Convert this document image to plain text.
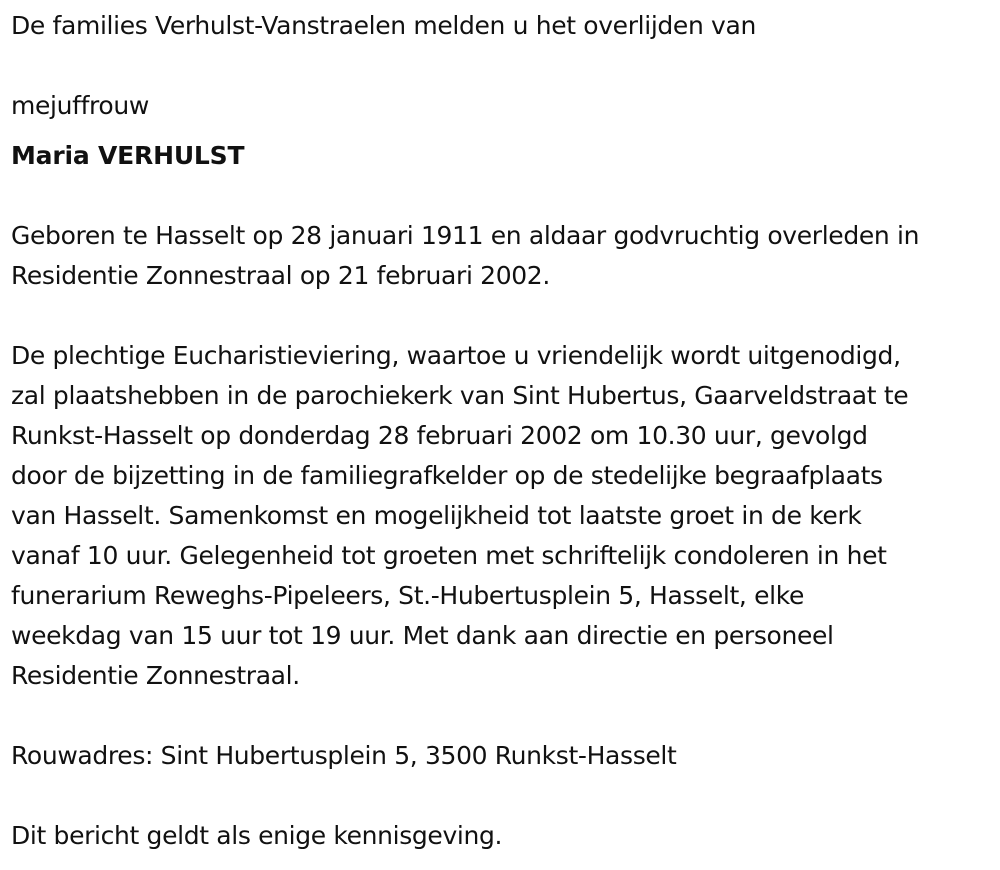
De families Verhulst-Vanstraelen melden u het overlijden van

mejuffrouw

Maria VERHULST

Geboren te Hasselt op 28 januari 1911 en aldaar godvruchtig overleden in

Residentie Zonnestraal op 21 februari 2002.

De plechtige Eucharistieviering, waartoe u vriendelijk wordt uitgenodigd,

zal plaatshebben in de parochiekerk van Sint Hubertus, Gaarveldstraat te

Runkst-Hasselt op donderdag 28 februari 2002 om 10.30 uur, gevolgd

door de bijzetting in de familiegrafkelder op de stedelijke begraafplaats

van Hasselt. Samenkomst en mogelijkheid tot laatste groet in de kerk

vanaf 10 uur. Gelegenheid tot groeten met schriftelijk condoleren in het

funerarium Reweghs-Pipeleers, St.-Hubertusplein 5, Hasselt, elke

weekdag van 15 uur tot 19 uur. Met dank aan directie en personeel

Residentie Zonnestraal.

Rouwadres: Sint Hubertusplein 5, 3500 Runkst-Hasselt

Dit bericht geldt als enige kennisgeving.
